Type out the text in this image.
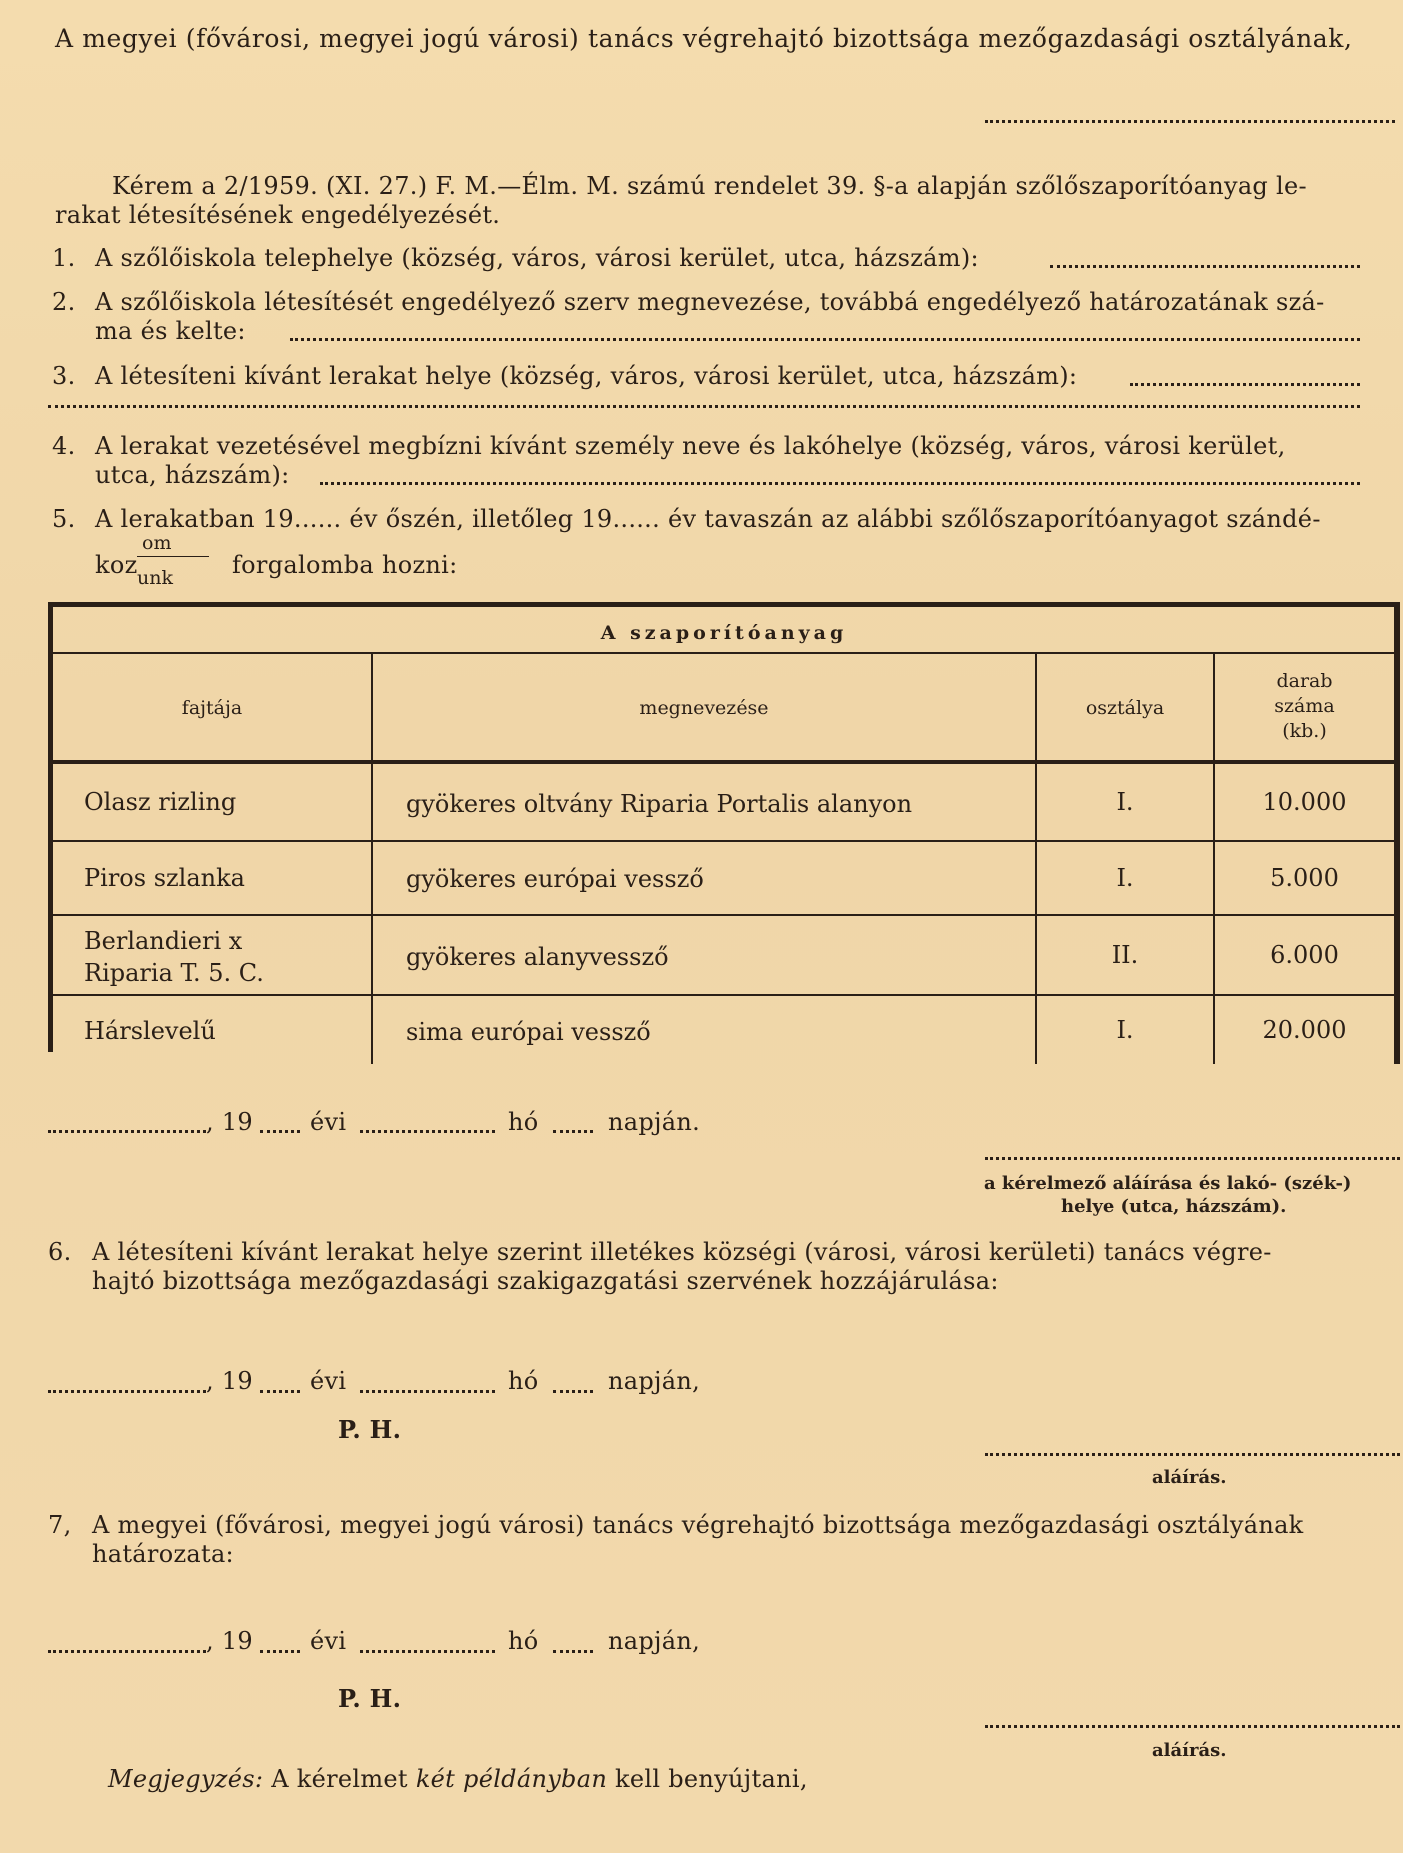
A megyei (fővárosi, megyei jogú városi) tanács végrehajtó bizottsága mezőgazdasági osztályának,
Kérem a 2/1959. (XI. 27.) F. M.—Élm. M. számú rendelet 39. §-a alapján szőlőszaporítóanyag le-
rakat létesítésének engedélyezését.
1. A szőlőiskola telephelye (község, város, városi kerület, utca, házszám):
2. A szőlőiskola létesítését engedélyező szerv megnevezése, továbbá engedélyező határozatának szá-
ma és kelte:
3. A létesíteni kívánt lerakat helye (község, város, városi kerület, utca, házszám):
4. A lerakat vezetésével megbízni kívánt személy neve és lakóhelye (község, város, városi kerület,
utca, házszám):
5. A lerakatban 19...... év őszén, illetőleg 19...... év tavaszán az alábbi szőlőszaporítóanyagot szándé-
koz
om
unk forgalomba hozni:
A szaporítóanyag
fajtája	megnevezése	osztálya
darab
száma
(kb.)
Olasz rizling	gyökeres oltvány Riparia Portalis alanyon	I.	10.000
Piros szlanka	gyökeres európai vessző	I.	5.000
Berlandieri x
Riparia T. 5. C.
gyökeres alanyvessző	II.	6.000
Hárslevelű	sima európai vessző	I.	20.000
, 19 évi	hó	napján.
a kérelmező aláírása és lakó- (szék-)
helye (utca, házszám).
6. A létesíteni kívánt lerakat helye szerint illetékes községi (városi, városi kerületi) tanács végre-
hajtó bizottsága mezőgazdasági szakigazgatási szervének hozzájárulása:
, 19 évi	hó	napján,
P. H.
aláírás.
7, A megyei (fővárosi, megyei jogú városi) tanács végrehajtó bizottsága mezőgazdasági osztályának
határozata:
, 19 évi	hó	napján,
P. H.
aláírás.
Megjegyzés: A kérelmet két példányban kell benyújtani,
